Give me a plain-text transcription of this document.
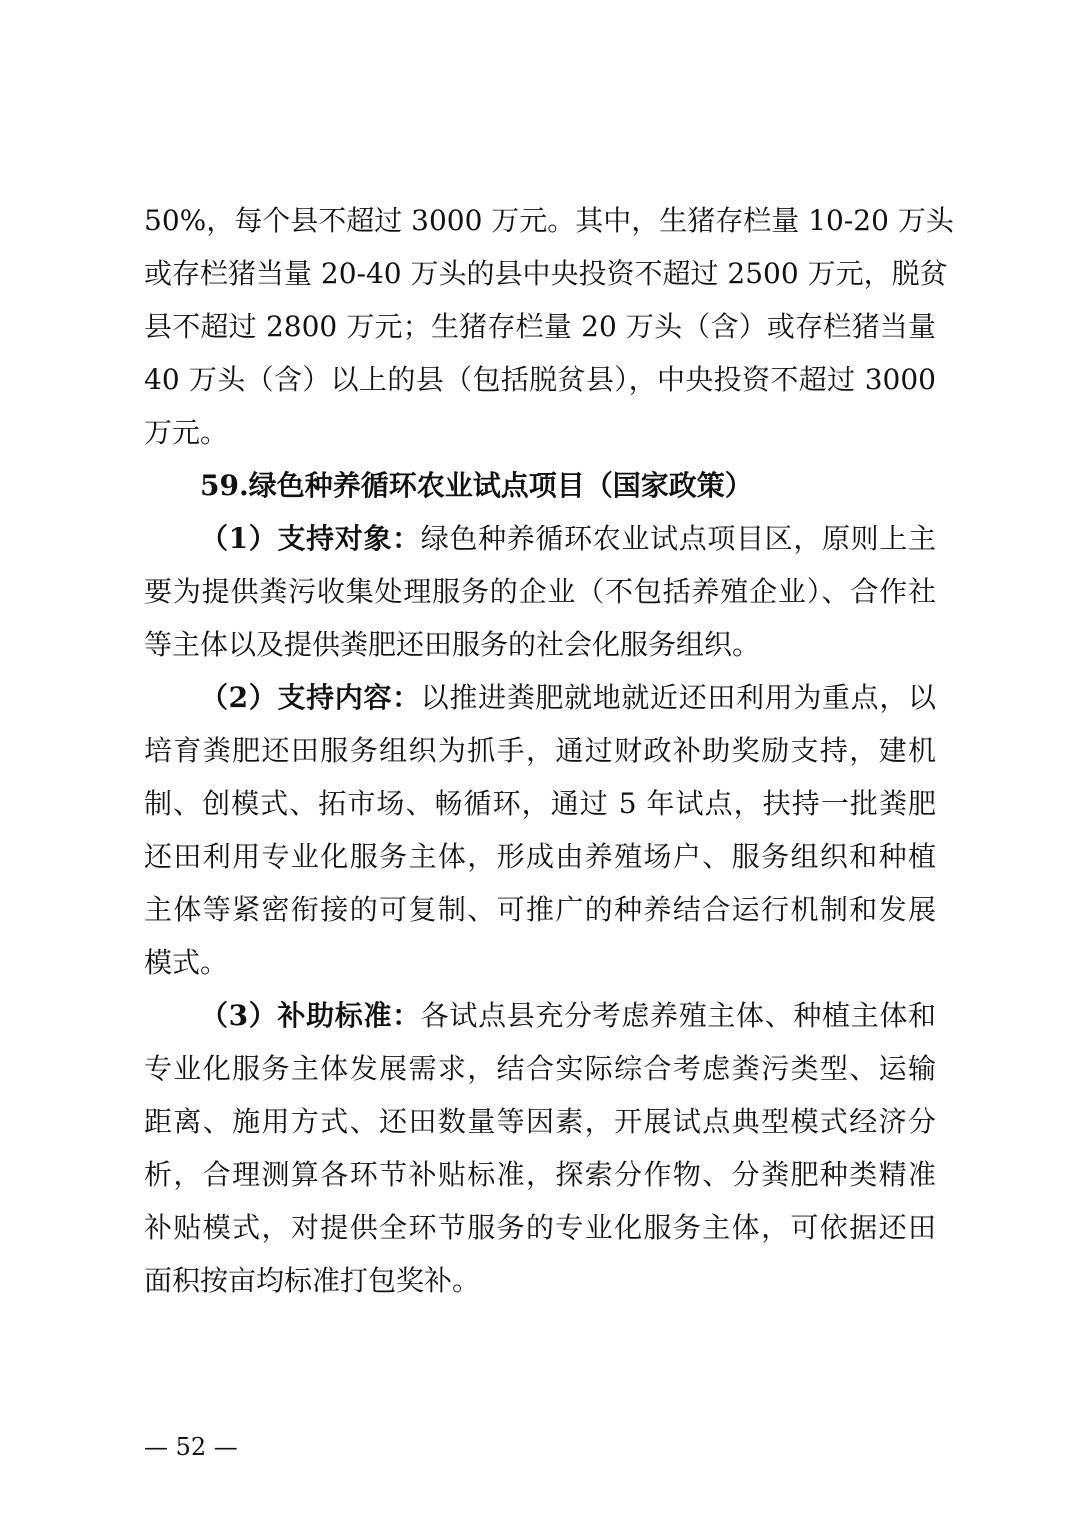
50%，每个县不超过 3000 万元。其中，生猪存栏量 10-20 万头
或存栏猪当量 20-40 万头的县中央投资不超过 2500 万元，脱贫
县不超过 2800 万元；生猪存栏量 20 万头（含）或存栏猪当量
40 万头（含）以上的县（包括脱贫县），中央投资不超过 3000
万元。
59.绿色种养循环农业试点项目（国家政策）
（1）支持对象：绿色种养循环农业试点项目区，原则上主
要为提供粪污收集处理服务的企业（不包括养殖企业）、合作社
等主体以及提供粪肥还田服务的社会化服务组织。
（2）支持内容：以推进粪肥就地就近还田利用为重点，以
培育粪肥还田服务组织为抓手，通过财政补助奖励支持，建机
制、创模式、拓市场、畅循环，通过 5 年试点，扶持一批粪肥
还田利用专业化服务主体，形成由养殖场户、服务组织和种植
主体等紧密衔接的可复制、可推广的种养结合运行机制和发展
模式。
（3）补助标准：各试点县充分考虑养殖主体、种植主体和
专业化服务主体发展需求，结合实际综合考虑粪污类型、运输
距离、施用方式、还田数量等因素，开展试点典型模式经济分
析，合理测算各环节补贴标准，探索分作物、分粪肥种类精准
补贴模式，对提供全环节服务的专业化服务主体，可依据还田
面积按亩均标准打包奖补。
— 52 —
